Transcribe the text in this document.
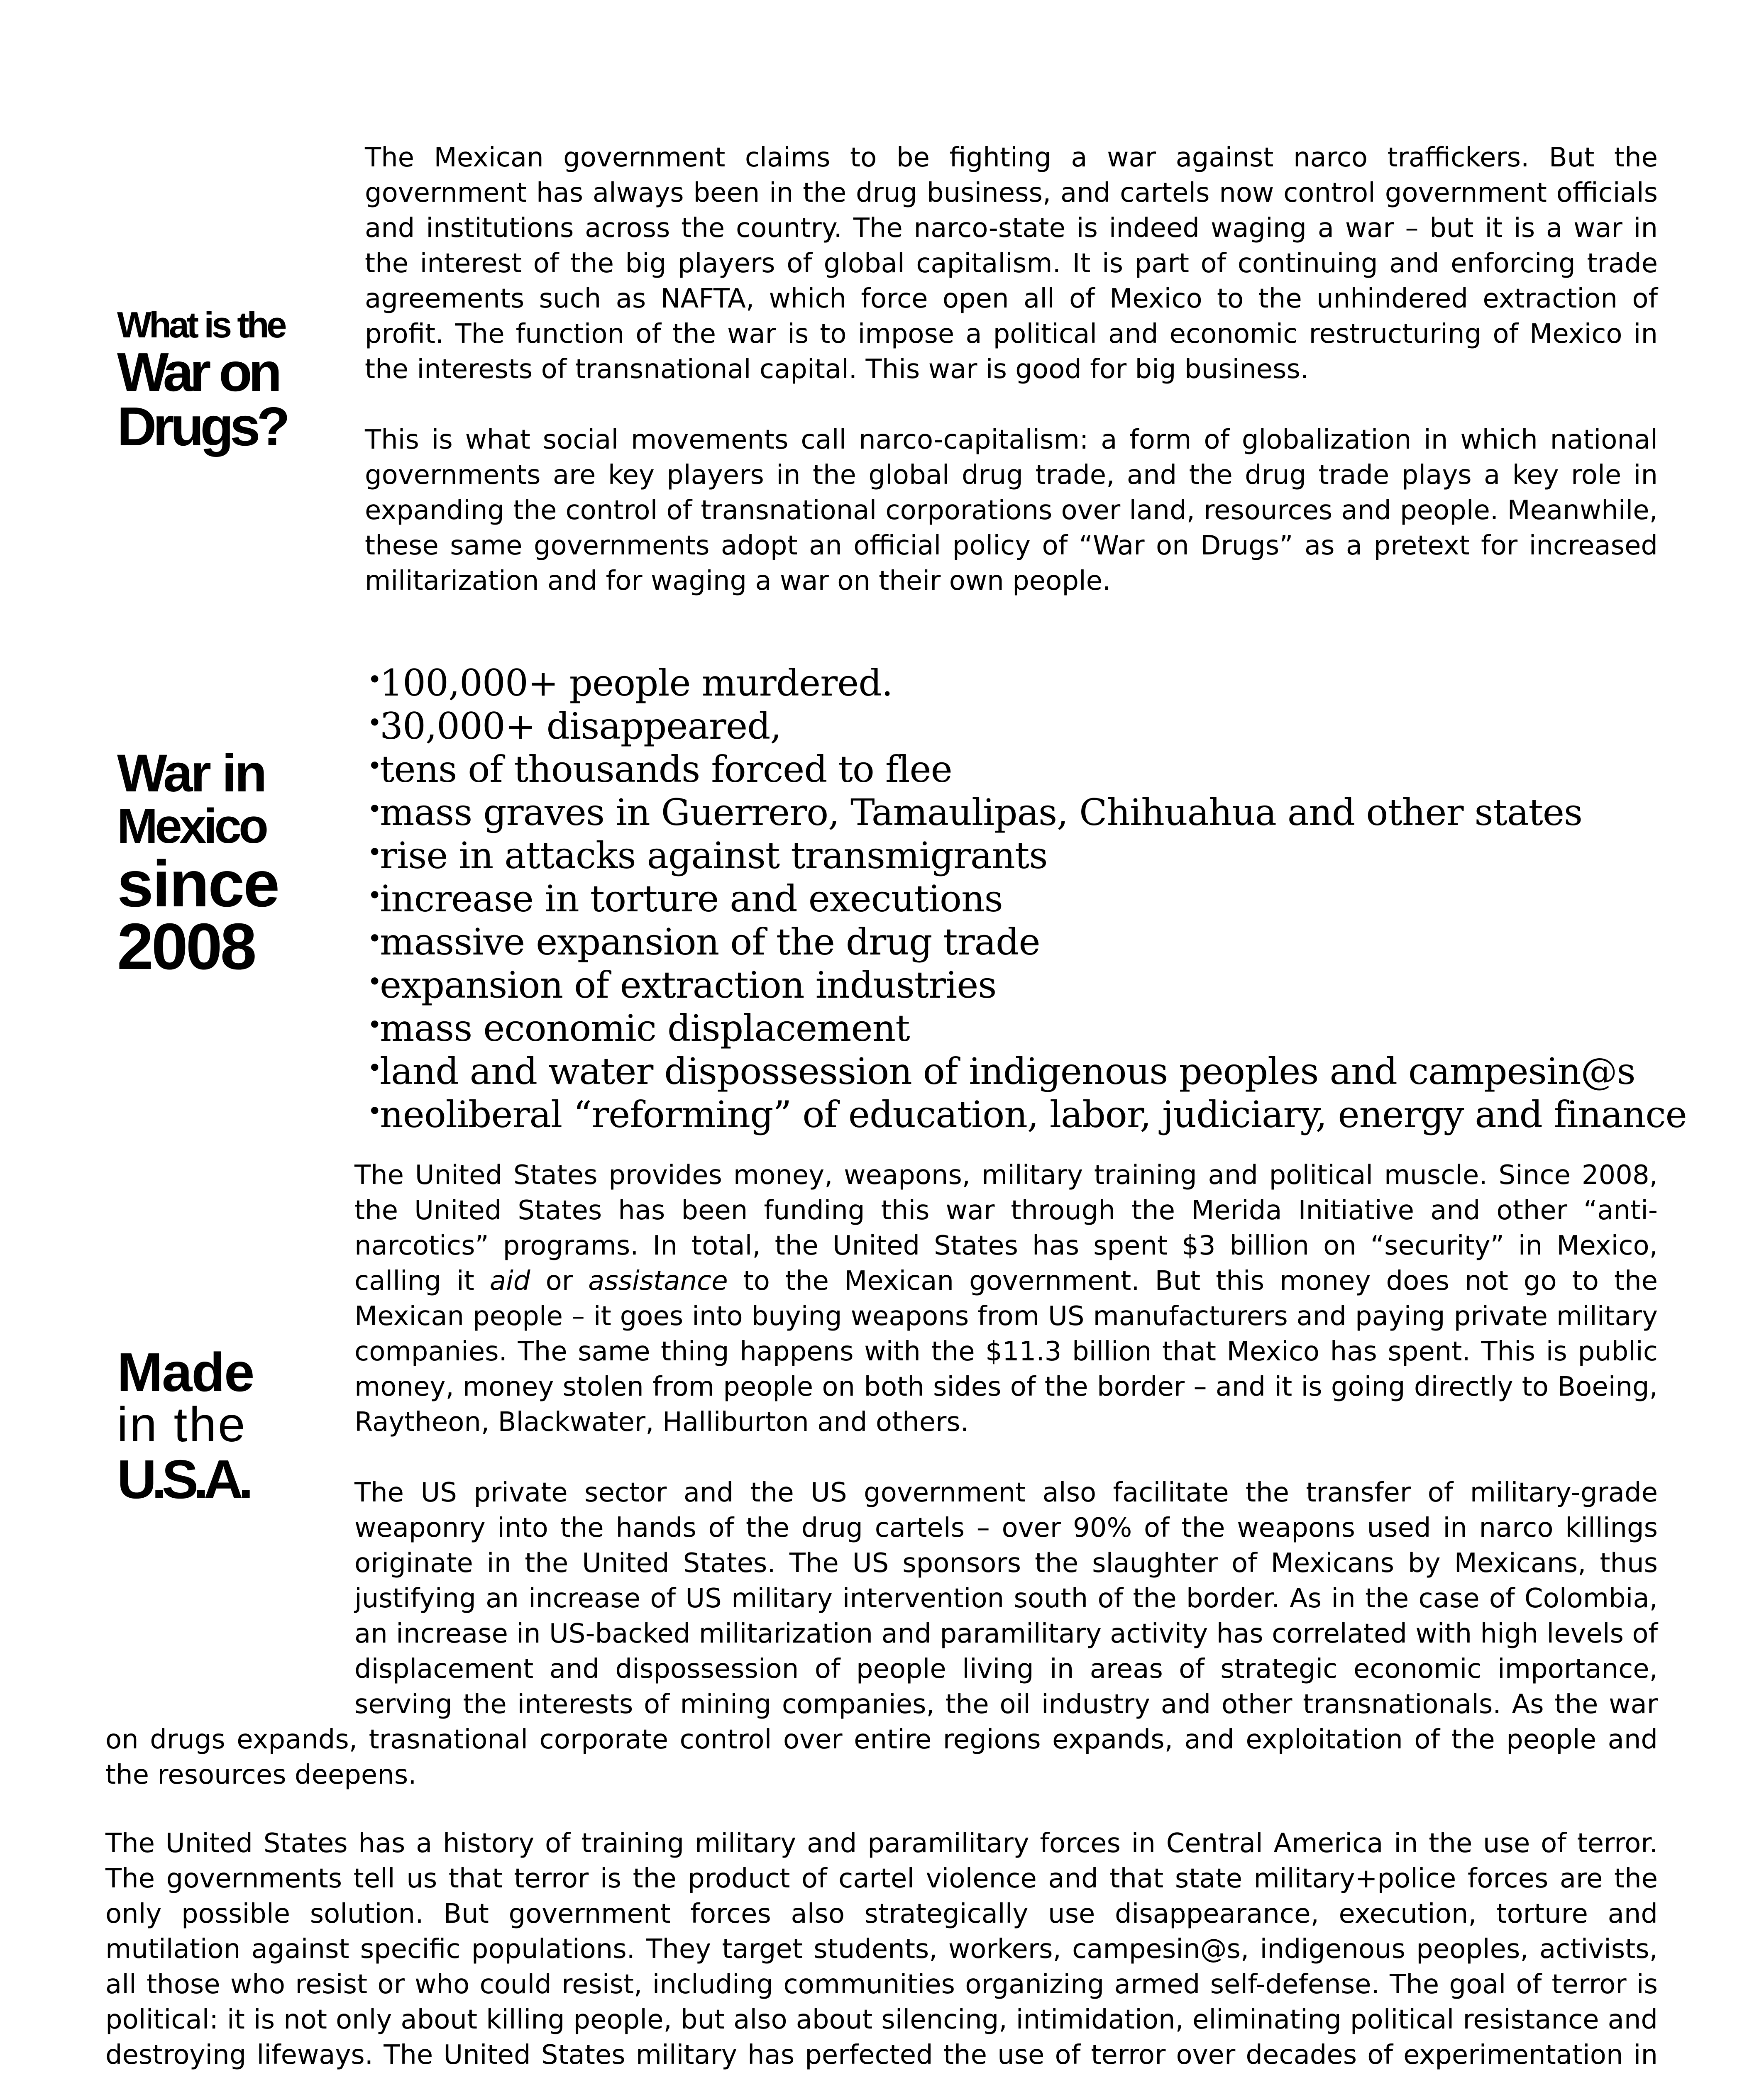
What is the
War on
Drugs?

The Mexican government claims to be fighting a war against narco traffickers. But the government has always been in the drug business, and cartels now control government officials and institutions across the country. The narco-state is indeed waging a war – but it is a war in the interest of the big players of global capitalism. It is part of continuing and enforcing trade agreements such as NAFTA, which force open all of Mexico to the unhindered extraction of profit. The function of the war is to impose a political and economic restructuring of Mexico in the interests of transnational capital. This war is good for big business.

This is what social movements call narco-capitalism: a form of globalization in which national governments are key players in the global drug trade, and the drug trade plays a key role in expanding the control of transnational corporations over land, resources and people. Meanwhile, these same governments adopt an official policy of “War on Drugs” as a pretext for increased militarization and for waging a war on their own people.

War in
Mexico
since
2008
•100,000+ people murdered.
•30,000+ disappeared,
•tens of thousands forced to flee
•mass graves in Guerrero, Tamaulipas, Chihuahua and other states
•rise in attacks against transmigrants
•increase in torture and executions
•massive expansion of the drug trade
•expansion of extraction industries
•mass economic displacement
•land and water dispossession of indigenous peoples and campesin@s
•neoliberal “reforming” of education, labor, judiciary, energy and finance
Made
in the
U.S.A.

The United States provides money, weapons, military training and political muscle. Since 2008, the United States has been funding this war through the Merida Initiative and other “anti-narcotics” programs. In total, the United States has spent $3 billion on “security” in Mexico, calling it aid or assistance to the Mexican government. But this money does not go to the Mexican people – it goes into buying weapons from US manufacturers and paying private military companies. The same thing happens with the $11.3 billion that Mexico has spent. This is public money, money stolen from people on both sides of the border – and it is going directly to Boeing, Raytheon, Blackwater, Halliburton and others.

The US private sector and the US government also facilitate the transfer of military-grade weaponry into the hands of the drug cartels – over 90% of the weapons used in narco killings originate in the United States. The US sponsors the slaughter of Mexicans by Mexicans, thus justifying an increase of US military intervention south of the border. As in the case of Colombia, an increase in US-backed militarization and paramilitary activity has correlated with high levels of displacement and dispossession of people living in areas of strategic economic importance, serving the interests of mining companies, the oil industry and other transnationals. As the war on drugs expands, trasnational corporate control over entire regions expands, and exploitation of the people and the resources deepens.

The United States has a history of training military and paramilitary forces in Central America in the use of terror. The governments tell us that terror is the product of cartel violence and that state military+police forces are the only possible solution. But government forces also strategically use disappearance, execution, torture and mutilation against specific populations. They target students, workers, campesin@s, indigenous peoples, activists, all those who resist or who could resist, including communities organizing armed self-defense. The goal of terror is political: it is not only about killing people, but also about silencing, intimidation, eliminating political resistance and destroying lifeways. The United States military has perfected the use of terror over decades of experimentation in
